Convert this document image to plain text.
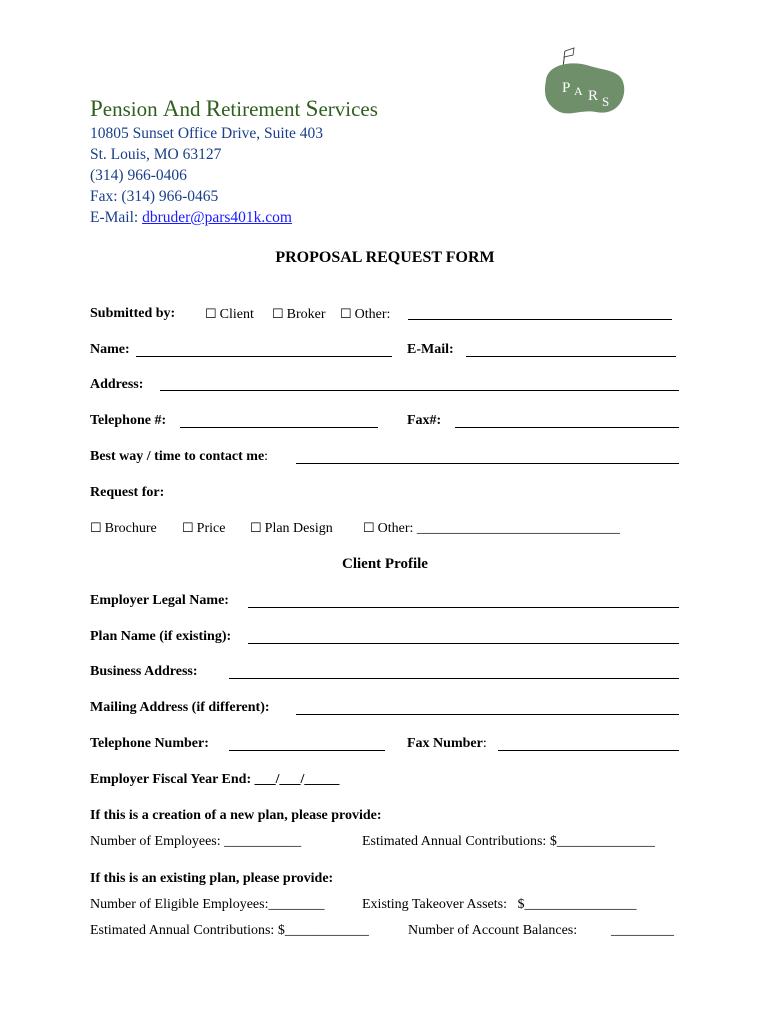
P A R S
Pension And Retirement Services
10805 Sunset Office Drive, Suite 403
St. Louis, MO 63127
(314) 966-0406
Fax: (314) 966-0465
E-Mail: dbruder@pars401k.com
PROPOSAL REQUEST FORM
Submitted by: ☐ Client ☐ Broker ☐ Other:
Name:	E-Mail:
Address:
Telephone #:	Fax#:
Best way / time to contact me:
Request for:
☐ Brochure ☐ Price ☐ Plan Design ☐ Other: _____________________________
Client Profile
Employer Legal Name:
Plan Name (if existing):
Business Address:
Mailing Address (if different):
Telephone Number:	Fax Number:
Employer Fiscal Year End: ___/___/_____
If this is a creation of a new plan, please provide:
Number of Employees: ___________	Estimated Annual Contributions: $______________
If this is an existing plan, please provide:
Number of Eligible Employees:________	Existing Takeover Assets:   $________________
Estimated Annual Contributions: $____________	Number of Account Balances: _________
